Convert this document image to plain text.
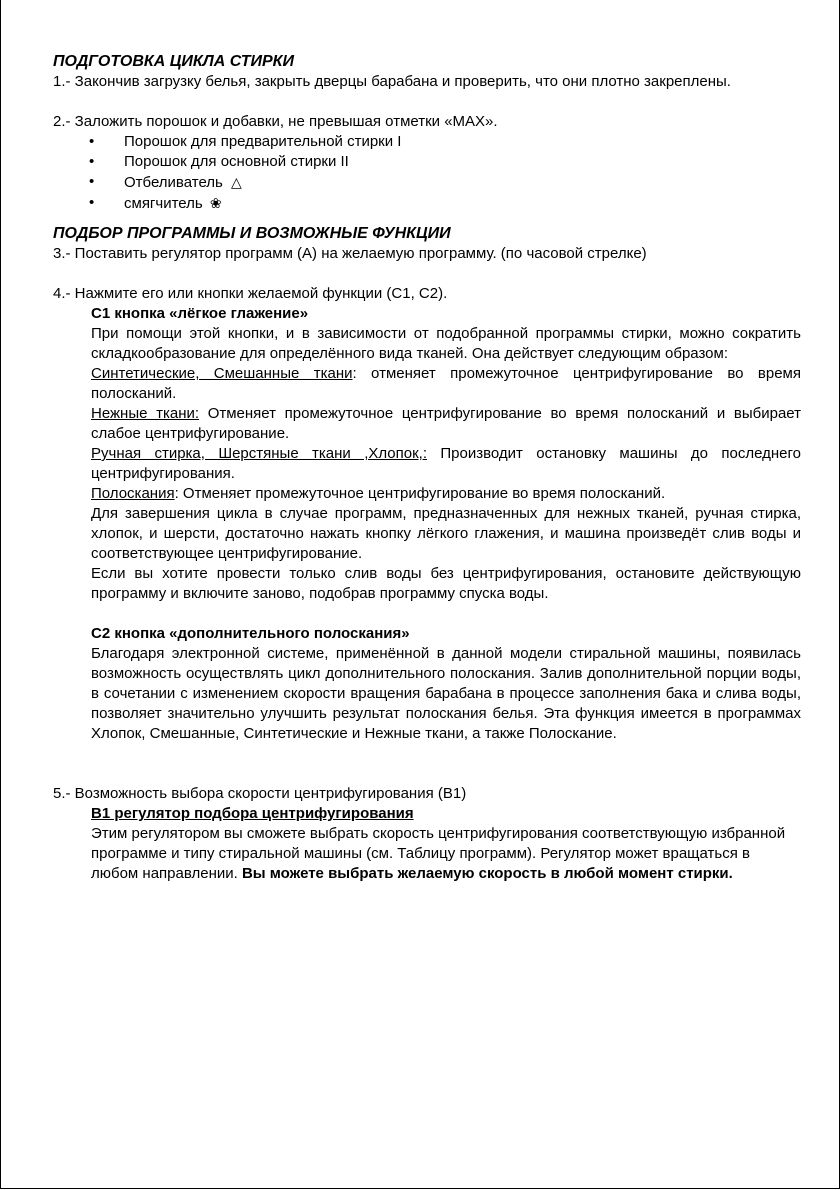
ПОДГОТОВКА ЦИКЛА СТИРКИ

1.- Закончив загрузку белья, закрыть дверцы барабана и проверить, что они плотно закреплены.

2.- Заложить порошок и добавки, не превышая отметки «МАХ».

• Порошок для предварительной стирки I
• Порошок для основной стирки II
• Отбеливатель △
• смягчитель ❀

ПОДБОР ПРОГРАММЫ И ВОЗМОЖНЫЕ ФУНКЦИИ

3.- Поставить регулятор программ (А) на желаемую программу. (по часовой стрелке)

4.- Нажмите его или кнопки желаемой функции (С1, С2).

С1 кнопка «лёгкое глажение»

При помощи этой кнопки, и в зависимости от подобранной программы стирки, можно сократить складкообразование для определённого вида тканей. Она действует следующим образом:

Синтетические, Смешанные ткани: отменяет промежуточное центрифугирование во время полосканий.

Нежные ткани: Отменяет промежуточное центрифугирование во время полосканий и выбирает слабое центрифугирование.

Ручная стирка, Шерстяные ткани ,Хлопок,: Производит остановку машины до последнего центрифугирования.

Полоскания: Отменяет промежуточное центрифугирование во время полосканий.

Для завершения цикла в случае программ, предназначенных для нежных тканей, ручная стирка, хлопок, и шерсти, достаточно нажать кнопку лёгкого глажения, и машина произведёт слив воды и соответствующее центрифугирование.

Если вы хотите провести только слив воды без центрифугирования, остановите действующую программу и включите заново, подобрав программу спуска воды.

С2 кнопка «дополнительного полоскания»

Благодаря электронной системе, применённой в данной модели стиральной машины, появилась возможность осуществлять цикл дополнительного полоскания. Залив дополнительной порции воды, в сочетании с изменением скорости вращения барабана в процессе заполнения бака и слива воды, позволяет значительно улучшить результат полоскания белья. Эта функция имеется в программах Хлопок, Смешанные, Синтетические и Нежные ткани, а также Полоскание.

5.- Возможность выбора скорости центрифугирования (В1)

В1 регулятор подбора центрифугирования

Этим регулятором вы сможете выбрать скорость центрифугирования соответствующую избранной программе и типу стиральной машины (см. Таблицу программ). Регулятор может вращаться в любом направлении. Вы можете выбрать желаемую скорость в любой момент стирки.
